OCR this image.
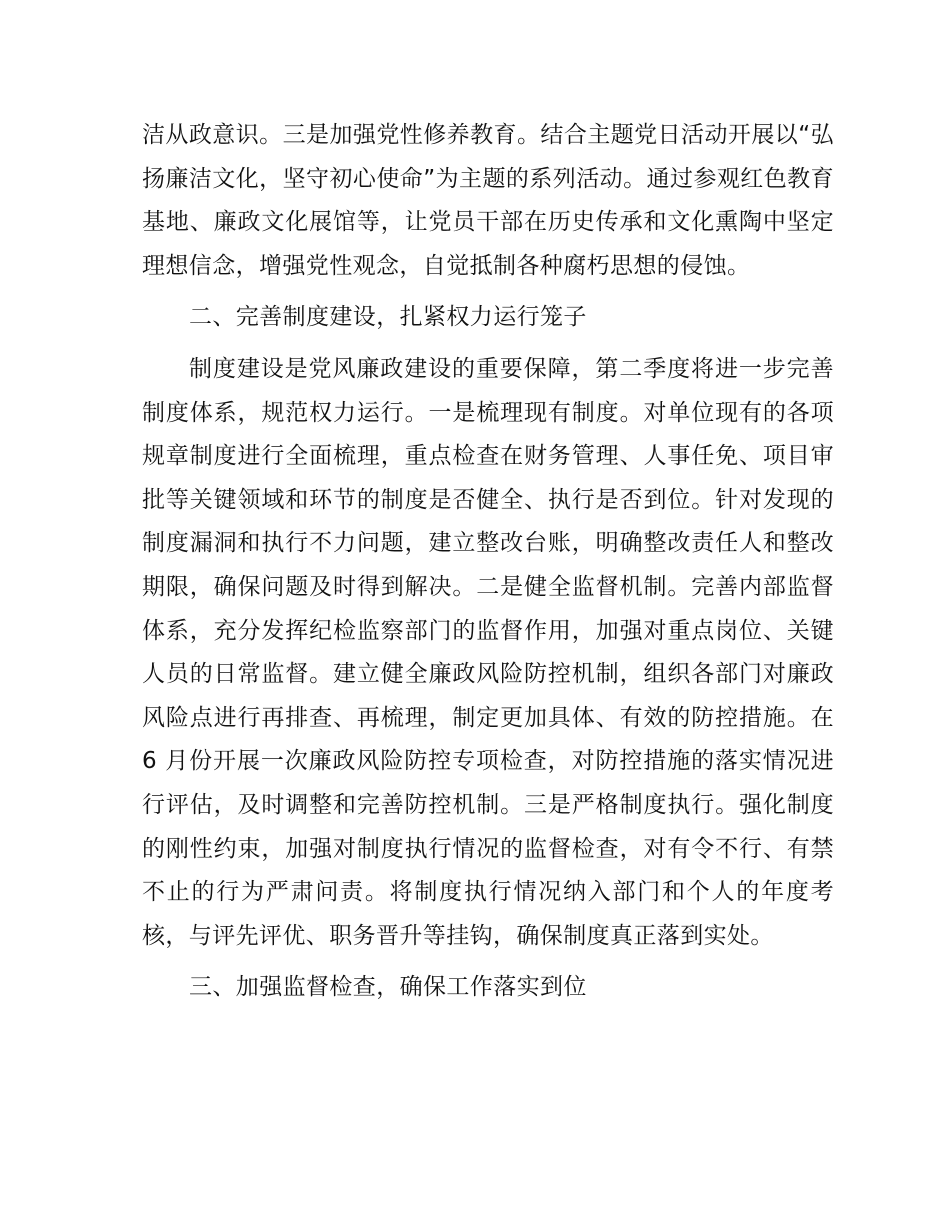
洁从政意识。三是加强党性修养教育。结合主题党日活动开展以“弘扬廉洁文化，坚守初心使命”为主题的系列活动。通过参观红色教育基地、廉政文化展馆等，让党员干部在历史传承和文化熏陶中坚定理想信念，增强党性观念，自觉抵制各种腐朽思想的侵蚀。

二、完善制度建设，扎紧权力运行笼子

制度建设是党风廉政建设的重要保障，第二季度将进一步完善制度体系，规范权力运行。一是梳理现有制度。对单位现有的各项规章制度进行全面梳理，重点检查在财务管理、人事任免、项目审批等关键领域和环节的制度是否健全、执行是否到位。针对发现的制度漏洞和执行不力问题，建立整改台账，明确整改责任人和整改期限，确保问题及时得到解决。二是健全监督机制。完善内部监督体系，充分发挥纪检监察部门的监督作用，加强对重点岗位、关键人员的日常监督。建立健全廉政风险防控机制，组织各部门对廉政风险点进行再排查、再梳理，制定更加具体、有效的防控措施。在 6 月份开展一次廉政风险防控专项检查，对防控措施的落实情况进行评估，及时调整和完善防控机制。三是严格制度执行。强化制度的刚性约束，加强对制度执行情况的监督检查，对有令不行、有禁不止的行为严肃问责。将制度执行情况纳入部门和个人的年度考核，与评先评优、职务晋升等挂钩，确保制度真正落到实处。

三、加强监督检查，确保工作落实到位
